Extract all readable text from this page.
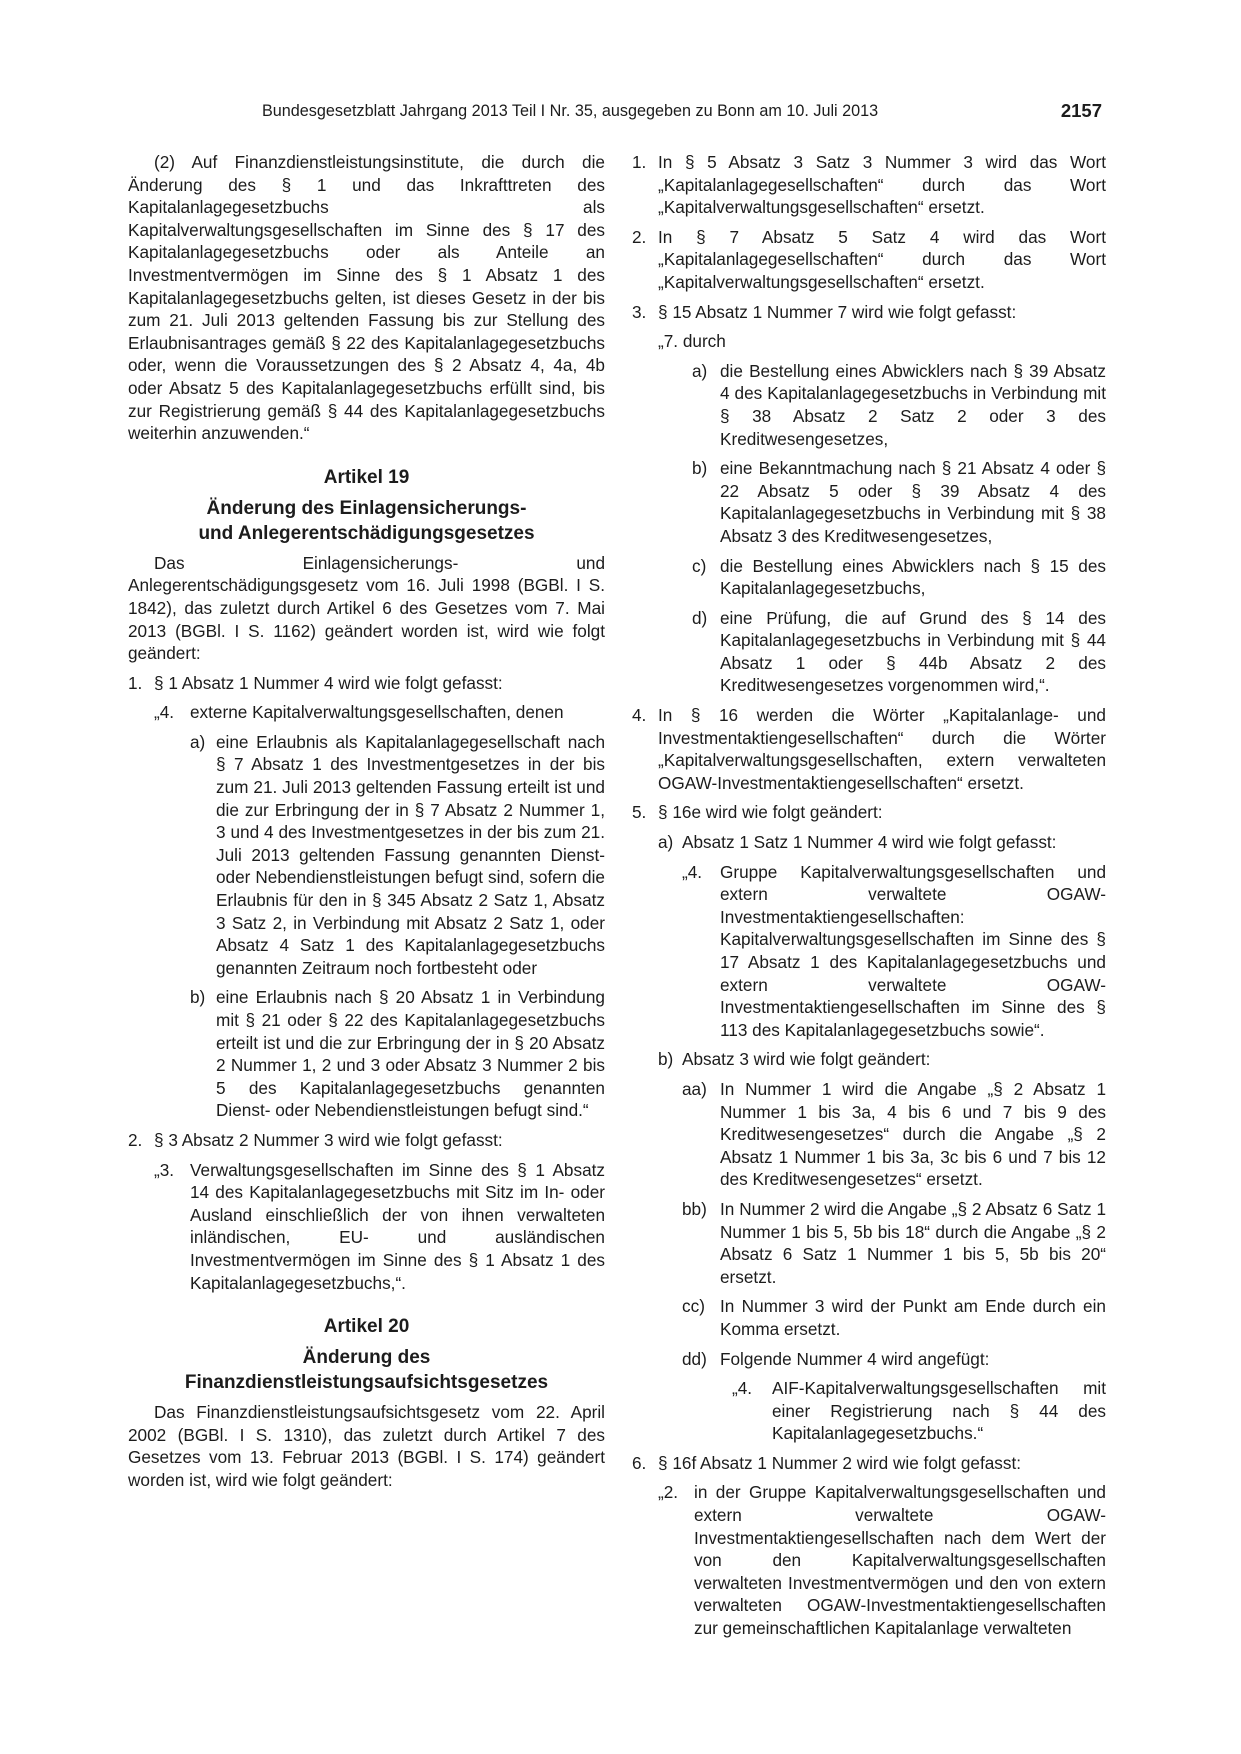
Bundesgesetzblatt Jahrgang 2013 Teil I Nr. 35, ausgegeben zu Bonn am 10. Juli 2013	2157

(2) Auf Finanzdienstleistungsinstitute, die durch die Änderung des § 1 und das Inkrafttreten des Kapitalanlagegesetzbuchs als Kapitalverwaltungsgesellschaften im Sinne des § 17 des Kapitalanlagegesetzbuchs oder als Anteile an Investmentvermögen im Sinne des § 1 Absatz 1 des Kapitalanlagegesetzbuchs gelten, ist dieses Gesetz in der bis zum 21. Juli 2013 geltenden Fassung bis zur Stellung des Erlaubnisantrages gemäß § 22 des Kapitalanlagegesetzbuchs oder, wenn die Voraussetzungen des § 2 Absatz 4, 4a, 4b oder Absatz 5 des Kapitalanlagegesetzbuchs erfüllt sind, bis zur Registrierung gemäß § 44 des Kapitalanlagegesetzbuchs weiterhin anzuwenden.“

Artikel 19
Änderung des Einlagensicherungs-
und Anlegerentschädigungsgesetzes

Das Einlagensicherungs- und Anlegerentschädigungsgesetz vom 16. Juli 1998 (BGBl. I S. 1842), das zuletzt durch Artikel 6 des Gesetzes vom 7. Mai 2013 (BGBl. I S. 1162) geändert worden ist, wird wie folgt geändert:

1. § 1 Absatz 1 Nummer 4 wird wie folgt gefasst:
„4. externe Kapitalverwaltungsgesellschaften, denen
a) eine Erlaubnis als Kapitalanlagegesellschaft nach § 7 Absatz 1 des Investmentgesetzes in der bis zum 21. Juli 2013 geltenden Fassung erteilt ist und die zur Erbringung der in § 7 Absatz 2 Nummer 1, 3 und 4 des Investmentgesetzes in der bis zum 21. Juli 2013 geltenden Fassung genannten Dienst- oder Nebendienstleistungen befugt sind, sofern die Erlaubnis für den in § 345 Absatz 2 Satz 1, Absatz 3 Satz 2, in Verbindung mit Absatz 2 Satz 1, oder Absatz 4 Satz 1 des Kapitalanlagegesetzbuchs genannten Zeitraum noch fortbesteht oder
b) eine Erlaubnis nach § 20 Absatz 1 in Verbindung mit § 21 oder § 22 des Kapitalanlagegesetzbuchs erteilt ist und die zur Erbringung der in § 20 Absatz 2 Nummer 1, 2 und 3 oder Absatz 3 Nummer 2 bis 5 des Kapitalanlagegesetzbuchs genannten Dienst- oder Nebendienstleistungen befugt sind.“
2. § 3 Absatz 2 Nummer 3 wird wie folgt gefasst:
„3. Verwaltungsgesellschaften im Sinne des § 1 Absatz 14 des Kapitalanlagegesetzbuchs mit Sitz im In- oder Ausland einschließlich der von ihnen verwalteten inländischen, EU- und ausländischen Investmentvermögen im Sinne des § 1 Absatz 1 des Kapitalanlagegesetzbuchs,“.
Artikel 20
Änderung des
Finanzdienstleistungsaufsichtsgesetzes

Das Finanzdienstleistungsaufsichtsgesetz vom 22. April 2002 (BGBl. I S. 1310), das zuletzt durch Artikel 7 des Gesetzes vom 13. Februar 2013 (BGBl. I S. 174) geändert worden ist, wird wie folgt geändert:

1. In § 5 Absatz 3 Satz 3 Nummer 3 wird das Wort „Kapitalanlagegesellschaften“ durch das Wort „Kapitalverwaltungsgesellschaften“ ersetzt.
2. In § 7 Absatz 5 Satz 4 wird das Wort „Kapitalanlagegesellschaften“ durch das Wort „Kapitalverwaltungsgesellschaften“ ersetzt.
3. § 15 Absatz 1 Nummer 7 wird wie folgt gefasst:
„7. durch
a) die Bestellung eines Abwicklers nach § 39 Absatz 4 des Kapitalanlagegesetzbuchs in Verbindung mit § 38 Absatz 2 Satz 2 oder 3 des Kreditwesengesetzes,
b) eine Bekanntmachung nach § 21 Absatz 4 oder § 22 Absatz 5 oder § 39 Absatz 4 des Kapitalanlagegesetzbuchs in Verbindung mit § 38 Absatz 3 des Kreditwesengesetzes,
c) die Bestellung eines Abwicklers nach § 15 des Kapitalanlagegesetzbuchs,
d) eine Prüfung, die auf Grund des § 14 des Kapitalanlagegesetzbuchs in Verbindung mit § 44 Absatz 1 oder § 44b Absatz 2 des Kreditwesengesetzes vorgenommen wird,“.
4. In § 16 werden die Wörter „Kapitalanlage- und Investmentaktiengesellschaften“ durch die Wörter „Kapitalverwaltungsgesellschaften, extern verwalteten OGAW-Investmentaktiengesellschaften“ ersetzt.
5. § 16e wird wie folgt geändert:
a) Absatz 1 Satz 1 Nummer 4 wird wie folgt gefasst:
„4. Gruppe Kapitalverwaltungsgesellschaften und extern verwaltete OGAW-Investmentaktiengesellschaften: Kapitalverwaltungsgesellschaften im Sinne des § 17 Absatz 1 des Kapitalanlagegesetzbuchs und extern verwaltete OGAW-Investmentaktiengesellschaften im Sinne des § 113 des Kapitalanlagegesetzbuchs sowie“.
b) Absatz 3 wird wie folgt geändert:
aa) In Nummer 1 wird die Angabe „§ 2 Absatz 1 Nummer 1 bis 3a, 4 bis 6 und 7 bis 9 des Kreditwesengesetzes“ durch die Angabe „§ 2 Absatz 1 Nummer 1 bis 3a, 3c bis 6 und 7 bis 12 des Kreditwesengesetzes“ ersetzt.
bb) In Nummer 2 wird die Angabe „§ 2 Absatz 6 Satz 1 Nummer 1 bis 5, 5b bis 18“ durch die Angabe „§ 2 Absatz 6 Satz 1 Nummer 1 bis 5, 5b bis 20“ ersetzt.
cc) In Nummer 3 wird der Punkt am Ende durch ein Komma ersetzt.
dd) Folgende Nummer 4 wird angefügt:
„4. AIF-Kapitalverwaltungsgesellschaften mit einer Registrierung nach § 44 des Kapitalanlagegesetzbuchs.“
6. § 16f Absatz 1 Nummer 2 wird wie folgt gefasst:
„2. in der Gruppe Kapitalverwaltungsgesellschaften und extern verwaltete OGAW-Investmentaktiengesellschaften nach dem Wert der von den Kapitalverwaltungsgesellschaften verwalteten Investmentvermögen und den von extern verwalteten OGAW-Investmentaktiengesellschaften zur gemeinschaftlichen Kapitalanlage verwalteten
